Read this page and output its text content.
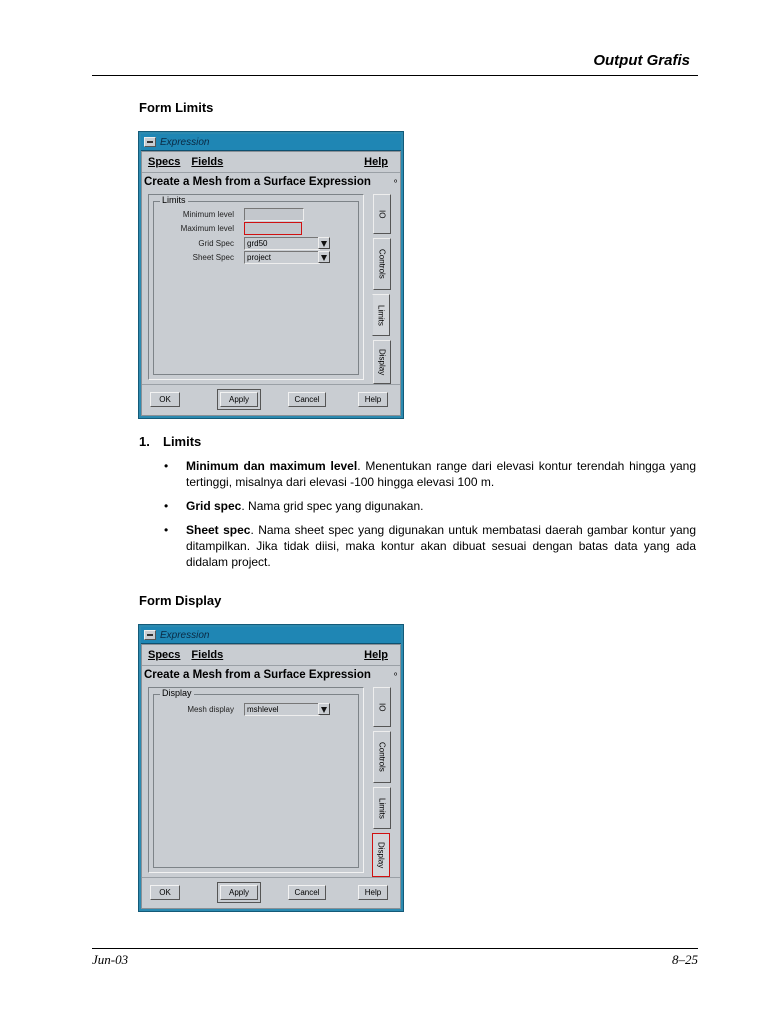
Output Grafis
Form Limits
Expression
Specs Fields	Help
Create a Mesh from a Surface Expression	º
Limits
Minimum level
Maximum level
Grid Spec	grd50
Sheet Spec	project
IO
Controls
Limits
Display
OK	Apply	Cancel	Help
1. Limits
• Minimum dan maximum level. Menentukan range dari elevasi kontur terendah hingga yang tertinggi, misalnya dari elevasi -100 hingga elevasi 100 m.
• Grid spec. Nama grid spec yang digunakan.
• Sheet spec. Nama sheet spec yang digunakan untuk membatasi daerah gambar kontur yang ditampilkan. Jika tidak diisi, maka kontur akan dibuat sesuai dengan batas data yang ada didalam project.
Form Display
Expression
Specs Fields	Help
Create a Mesh from a Surface Expression	º
Display
Mesh display	mshlevel	IO
Controls
Limits
Display
OK	Apply	Cancel	Help
Jun-03	8–25
